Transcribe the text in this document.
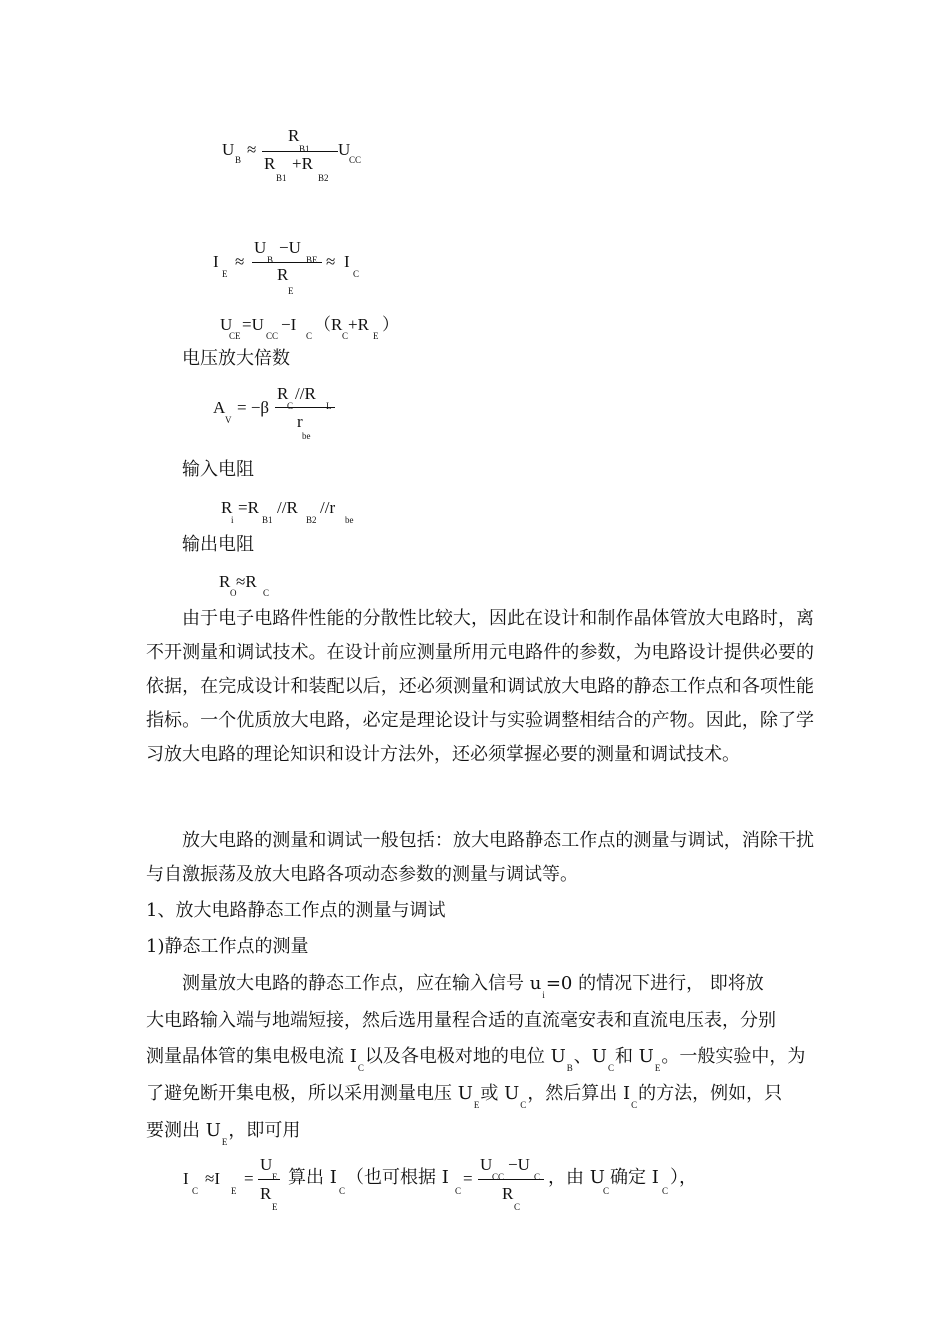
U
B
≈
R
B1
R
B1
+R
B2
U
CC
I
E
≈
U
B
−U
BE
R
E
≈ I
C
U
CE
=U
CC
−I
C
（R
C
+R
E
）
电压放大倍数
A
V
= −β
R
C
//R
L
r
be
输入电阻
R
i
=R
B1
//R
B2
//r
be
输出电阻
R
O
≈R
C

由于电子电路件性能的分散性比较大，因此在设计和制作晶体管放大电路时，离不开测量和调试技术。在设计前应测量所用元电路件的参数，为电路设计提供必要的依据，在完成设计和装配以后，还必须测量和调试放大电路的静态工作点和各项性能指标。一个优质放大电路，必定是理论设计与实验调整相结合的产物。因此，除了学习放大电路的理论知识和设计方法外，还必须掌握必要的测量和调试技术。

放大电路的测量和调试一般包括：放大电路静态工作点的测量与调试，消除干扰与自激振荡及放大电路各项动态参数的测量与调试等。

1、放大电路静态工作点的测量与调试
1)静态工作点的测量
测量放大电路的静态工作点，应在输入信号 $u_i=0$ 的情况下进行， 即将放
大电路输入端与地端短接，然后选用量程合适的直流毫安表和直流电压表，分别
测量晶体管的集电极电流 $I_C$以及各电极对地的电位 $U_B$、$U_C$和 $U_E$。一般实验中，为
了避免断开集电极，所以采用测量电压 $U_E$或 $U_C$，然后算出 $I_C$的方法，例如，只
要测出 $U_E$，即可用
I
C
≈I
E
=
U
E
R
E
算出 I
C
（也可根据 I
C
=
U
CC
−U
C
R
C
，由 U
C
确定 I
C
），
